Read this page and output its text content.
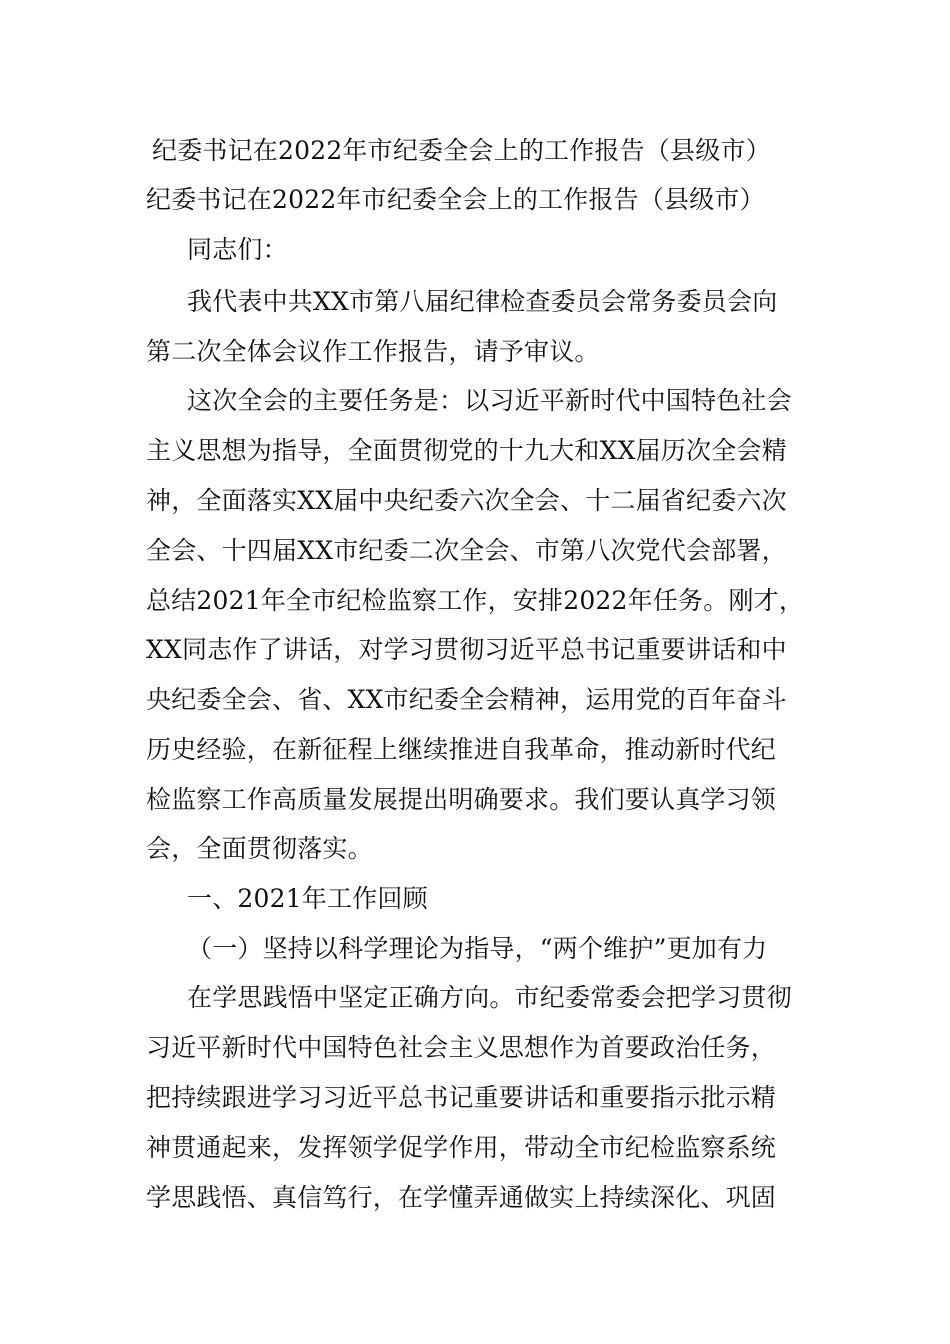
纪委书记在2022年市纪委全会上的工作报告（县级市）
纪委书记在2022年市纪委全会上的工作报告（县级市）
同志们：
我代表中共XX市第八届纪律检查委员会常务委员会向
第二次全体会议作工作报告，请予审议。
这次全会的主要任务是：以习近平新时代中国特色社会
主义思想为指导，全面贯彻党的十九大和XX届历次全会精
神，全面落实XX届中央纪委六次全会、十二届省纪委六次
全会、十四届XX市纪委二次全会、市第八次党代会部署，
总结2021年全市纪检监察工作，安排2022年任务。刚才，
XX同志作了讲话，对学习贯彻习近平总书记重要讲话和中
央纪委全会、省、XX市纪委全会精神，运用党的百年奋斗
历史经验，在新征程上继续推进自我革命，推动新时代纪
检监察工作高质量发展提出明确要求。我们要认真学习领
会，全面贯彻落实。
一、2021年工作回顾
（一）坚持以科学理论为指导，“两个维护”更加有力
在学思践悟中坚定正确方向。市纪委常委会把学习贯彻
习近平新时代中国特色社会主义思想作为首要政治任务，
把持续跟进学习习近平总书记重要讲话和重要指示批示精
神贯通起来，发挥领学促学作用，带动全市纪检监察系统
学思践悟、真信笃行，在学懂弄通做实上持续深化、巩固
